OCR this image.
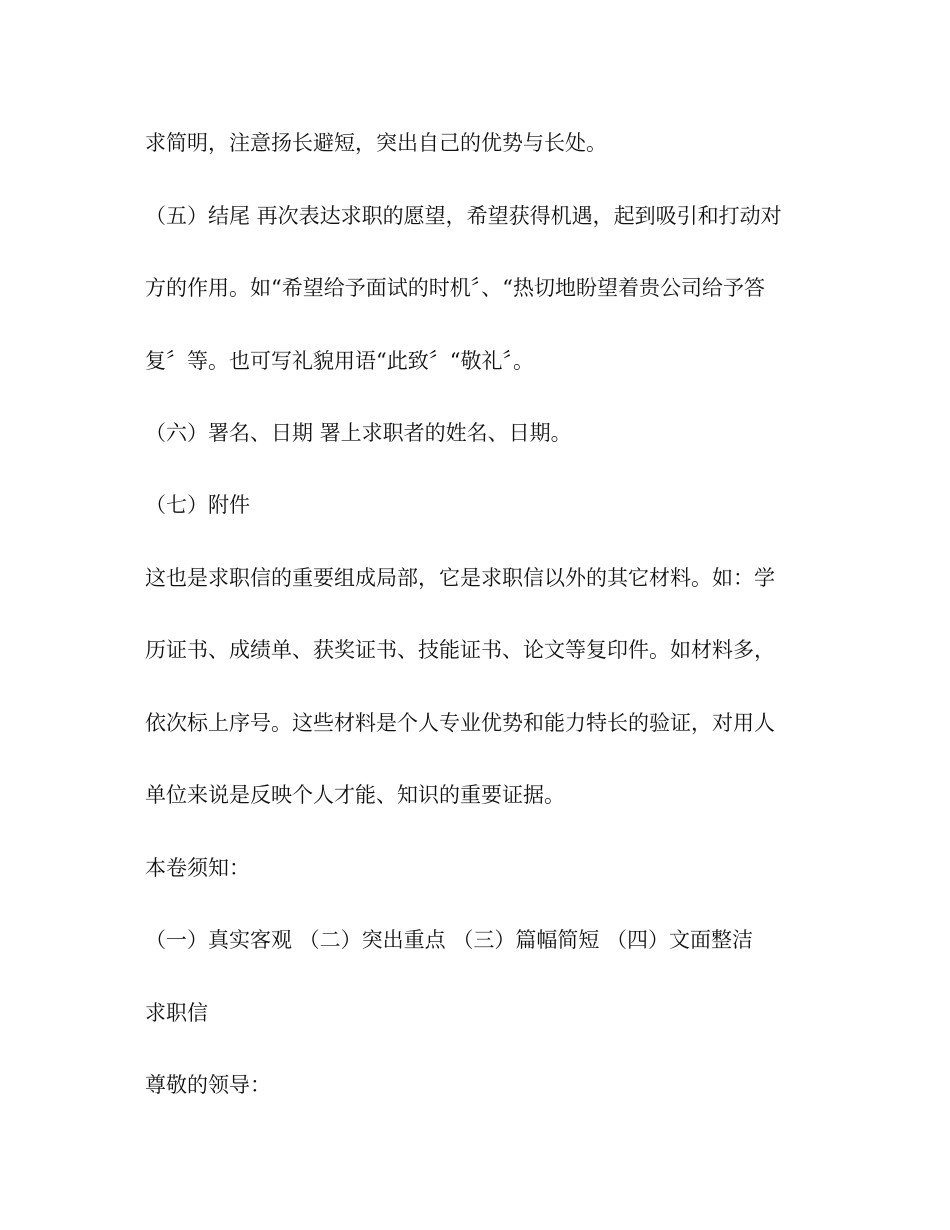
求简明，注意扬长避短，突出自己的优势与长处。

（五）结尾 再次表达求职的愿望，希望获得机遇，起到吸引和打动对

方的作用。如“希望给予面试的时机〞、“热切地盼望着贵公司给予答

复〞等。也可写礼貌用语“此致〞“敬礼〞。

（六）署名、日期 署上求职者的姓名、日期。

（七）附件

这也是求职信的重要组成局部，它是求职信以外的其它材料。如：学

历证书、成绩单、获奖证书、技能证书、论文等复印件。如材料多，

依次标上序号。这些材料是个人专业优势和能力特长的验证，对用人

单位来说是反映个人才能、知识的重要证据。

本卷须知：

（一）真实客观 （二）突出重点 （三）篇幅简短 （四）文面整洁

求职信

尊敬的领导：
